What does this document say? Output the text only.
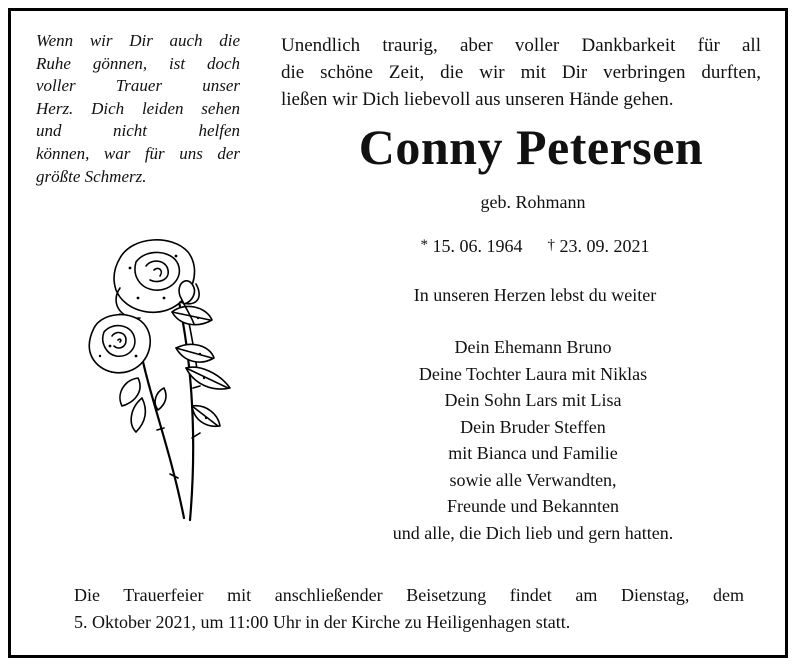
Wenn wir Dir auch die
Ruhe gönnen, ist doch
voller Trauer unser
Herz. Dich leiden sehen
und nicht helfen
können, war für uns der
größte Schmerz.
Unendlich traurig, aber voller Dankbarkeit für all
die schöne Zeit, die wir mit Dir verbringen durften,
ließen wir Dich liebevoll aus unseren Hände gehen.
Conny Petersen
geb. Rohmann
* 15. 06. 1964 † 23. 09. 2021
In unseren Herzen lebst du weiter
Dein Ehemann Bruno
Deine Tochter Laura mit Niklas
Dein Sohn Lars mit Lisa
Dein Bruder Steffen
mit Bianca und Familie
sowie alle Verwandten,
Freunde und Bekannten
und alle, die Dich lieb und gern hatten.
Die Trauerfeier mit anschließender Beisetzung findet am Dienstag, dem
5. Oktober 2021, um 11:00 Uhr in der Kirche zu Heiligenhagen statt.
